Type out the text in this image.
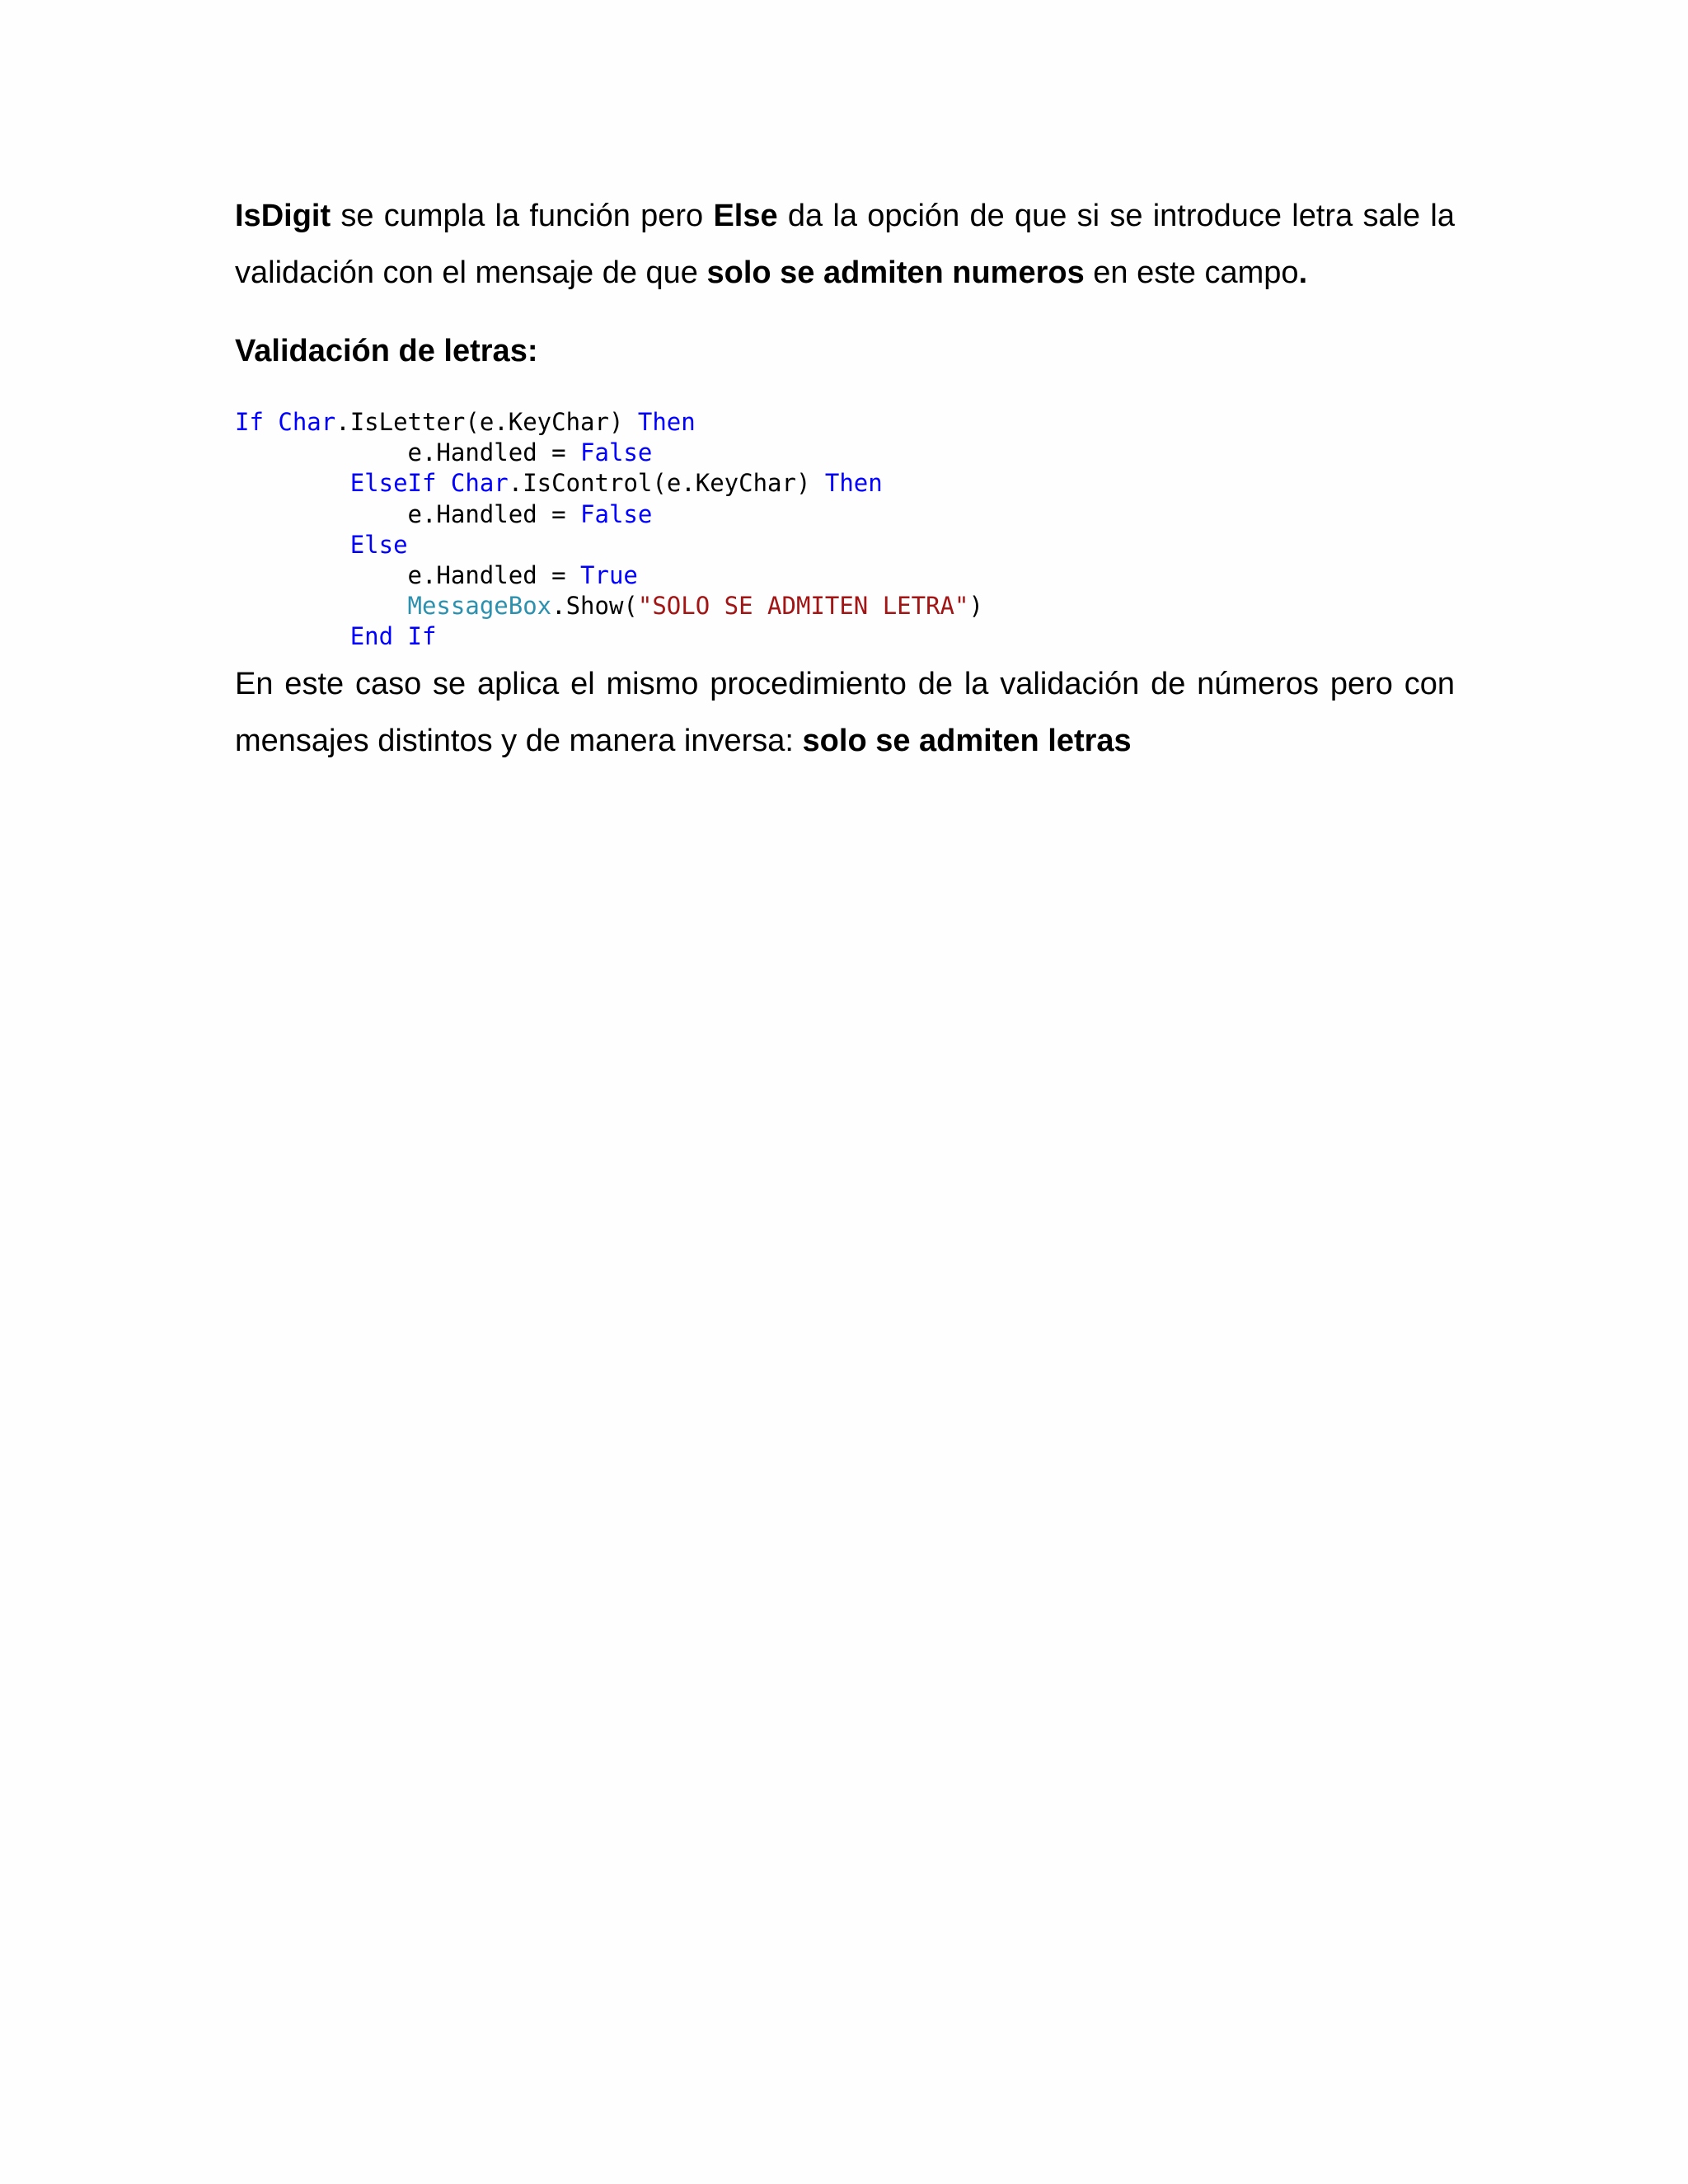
IsDigit se cumpla la función pero Else da la opción de que si se introduce letra sale la validación con el mensaje de que solo se admiten numeros en este campo.

Validación de letras:

If Char.IsLetter(e.KeyChar) Then
e.Handled = False
ElseIf Char.IsControl(e.KeyChar) Then
e.Handled = False
Else
e.Handled = True
MessageBox.Show("SOLO SE ADMITEN LETRA")
End If

En este caso se aplica el mismo procedimiento de la validación de números pero con mensajes distintos y de manera inversa: solo se admiten letras
